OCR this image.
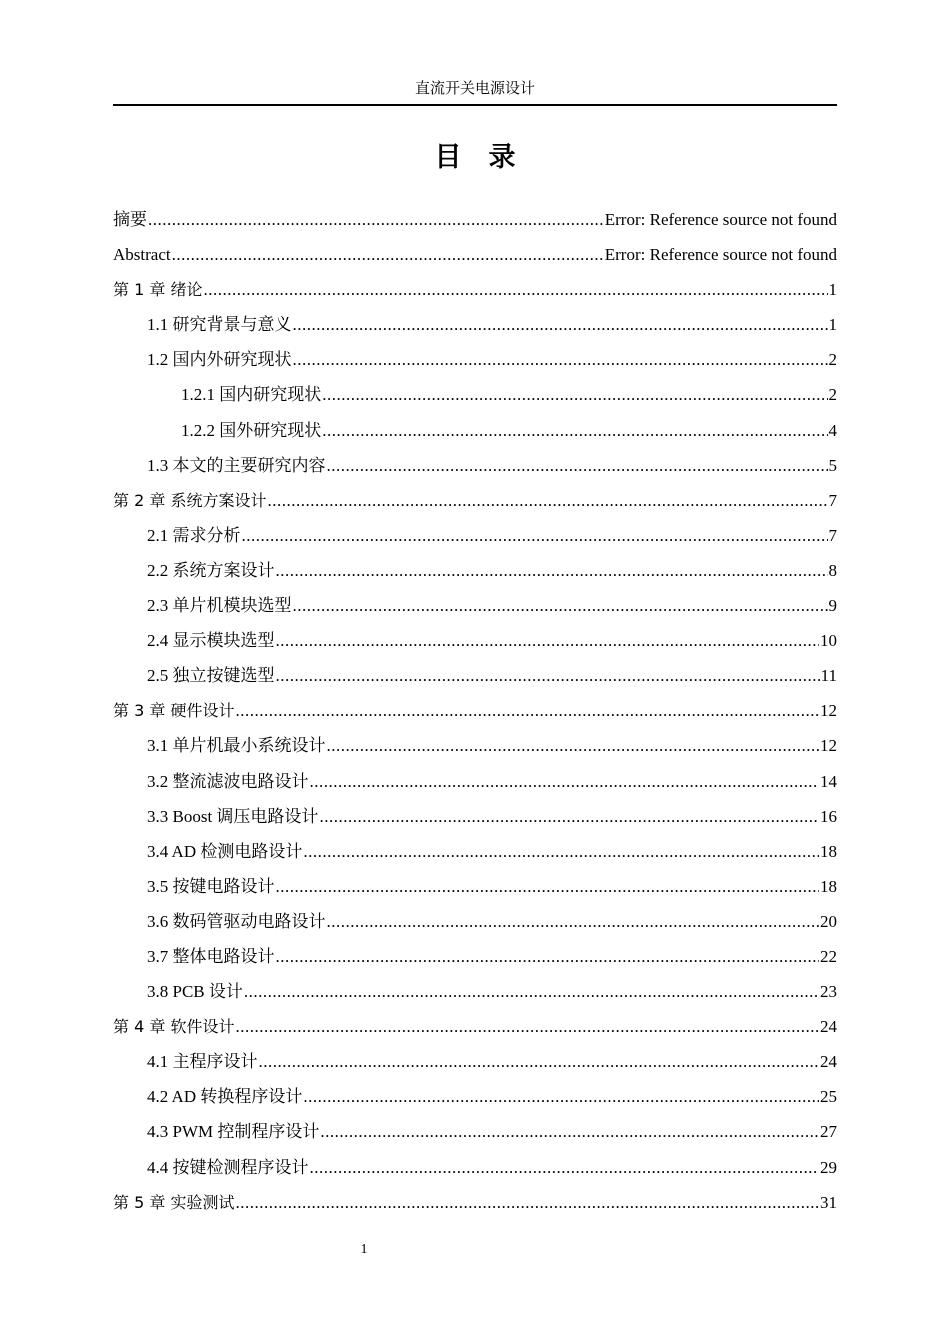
直流开关电源设计
目录
摘要 .....	Error: Reference source not found
Abstract .....	Error: Reference source not found
第 1 章 绪论 .....	1
1.1 研究背景与意义 .....	1
1.2 国内外研究现状 .....	2
1.2.1 国内研究现状 .....	2
1.2.2 国外研究现状 .....	4
1.3 本文的主要研究内容 .....	5
第 2 章 系统方案设计 .....	7
2.1 需求分析 .....	7
2.2 系统方案设计 .....	8
2.3 单片机模块选型 .....	9
2.4 显示模块选型 .....	10
2.5 独立按键选型 .....	11
第 3 章 硬件设计 .....	12
3.1 单片机最小系统设计 .....	12
3.2 整流滤波电路设计 .....	14
3.3 Boost 调压电路设计 .....	16
3.4 AD 检测电路设计 .....	18
3.5 按键电路设计 .....	18
3.6 数码管驱动电路设计 .....	20
3.7 整体电路设计 .....	22
3.8 PCB 设计 .....	23
第 4 章 软件设计 .....	24
4.1 主程序设计 .....	24
4.2 AD 转换程序设计 .....	25
4.3 PWM 控制程序设计 .....	27
4.4 按键检测程序设计 .....	29
第 5 章 实验测试 .....	31
1
